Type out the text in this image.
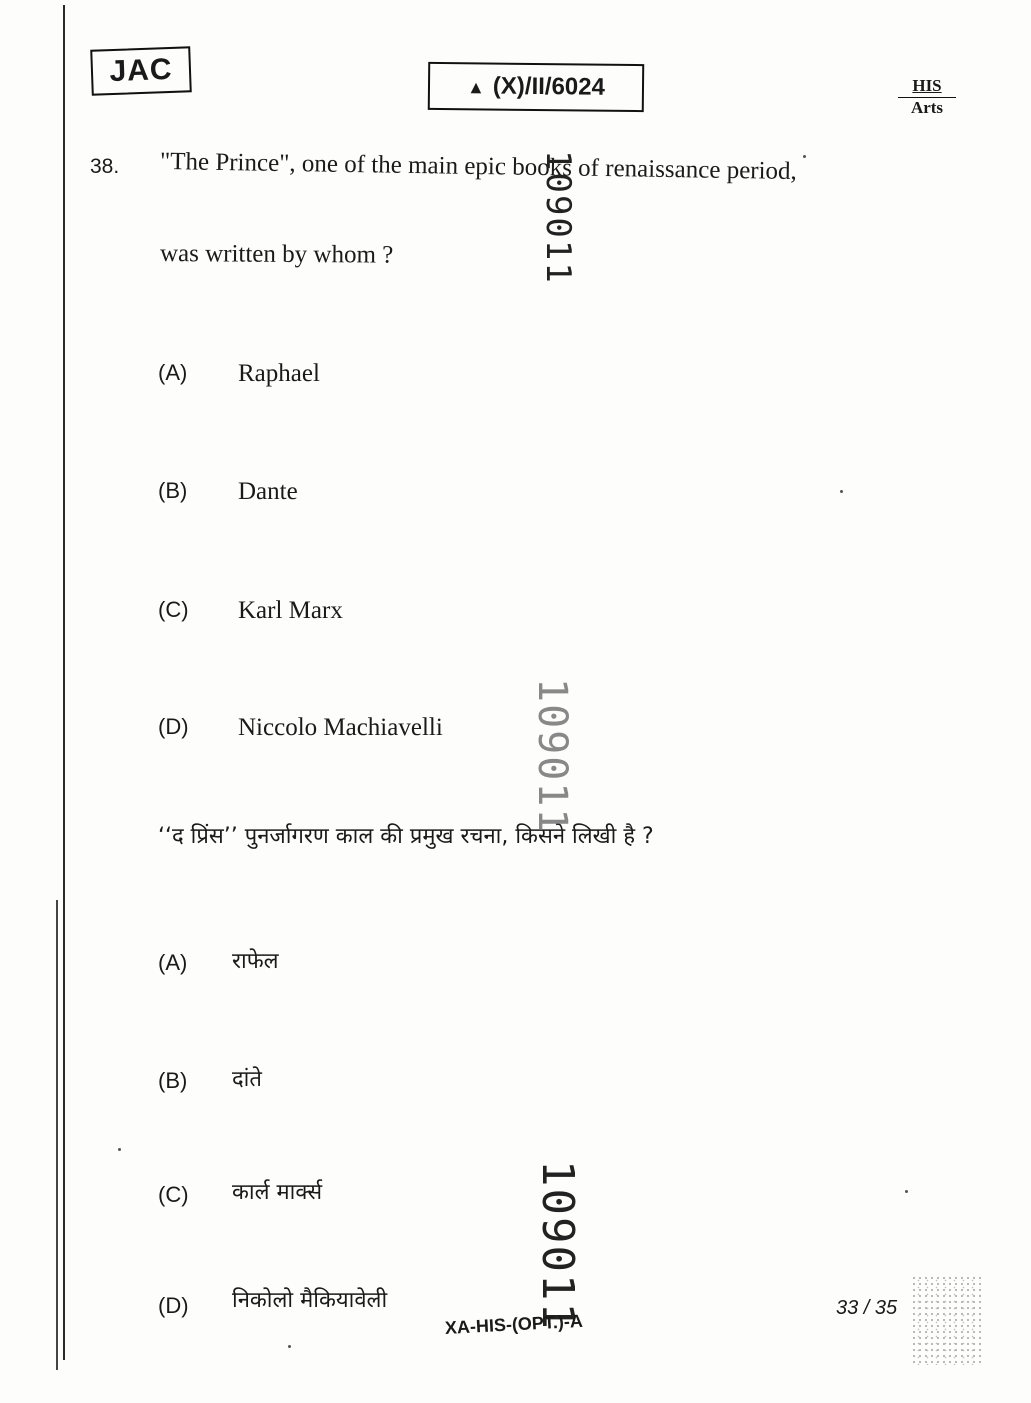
JAC	▲ (X)/II/6024	HIS
Arts
38. "The Prince", one of the main epic books of renaissance period,
was written by whom ?
(A) Raphael
(B) Dante
(C) Karl Marx
(D) Niccolo Machiavelli
‘‘द प्रिंस’’ पुनर्जागरण काल की प्रमुख रचना, किसने लिखी है ?
(A) राफेल
(B) दांते
(C) कार्ल मार्क्स
(D) निकोलो मैकियावेली
109011
109011
109011
XA-HIS-(OPT.)-A
33 / 35
